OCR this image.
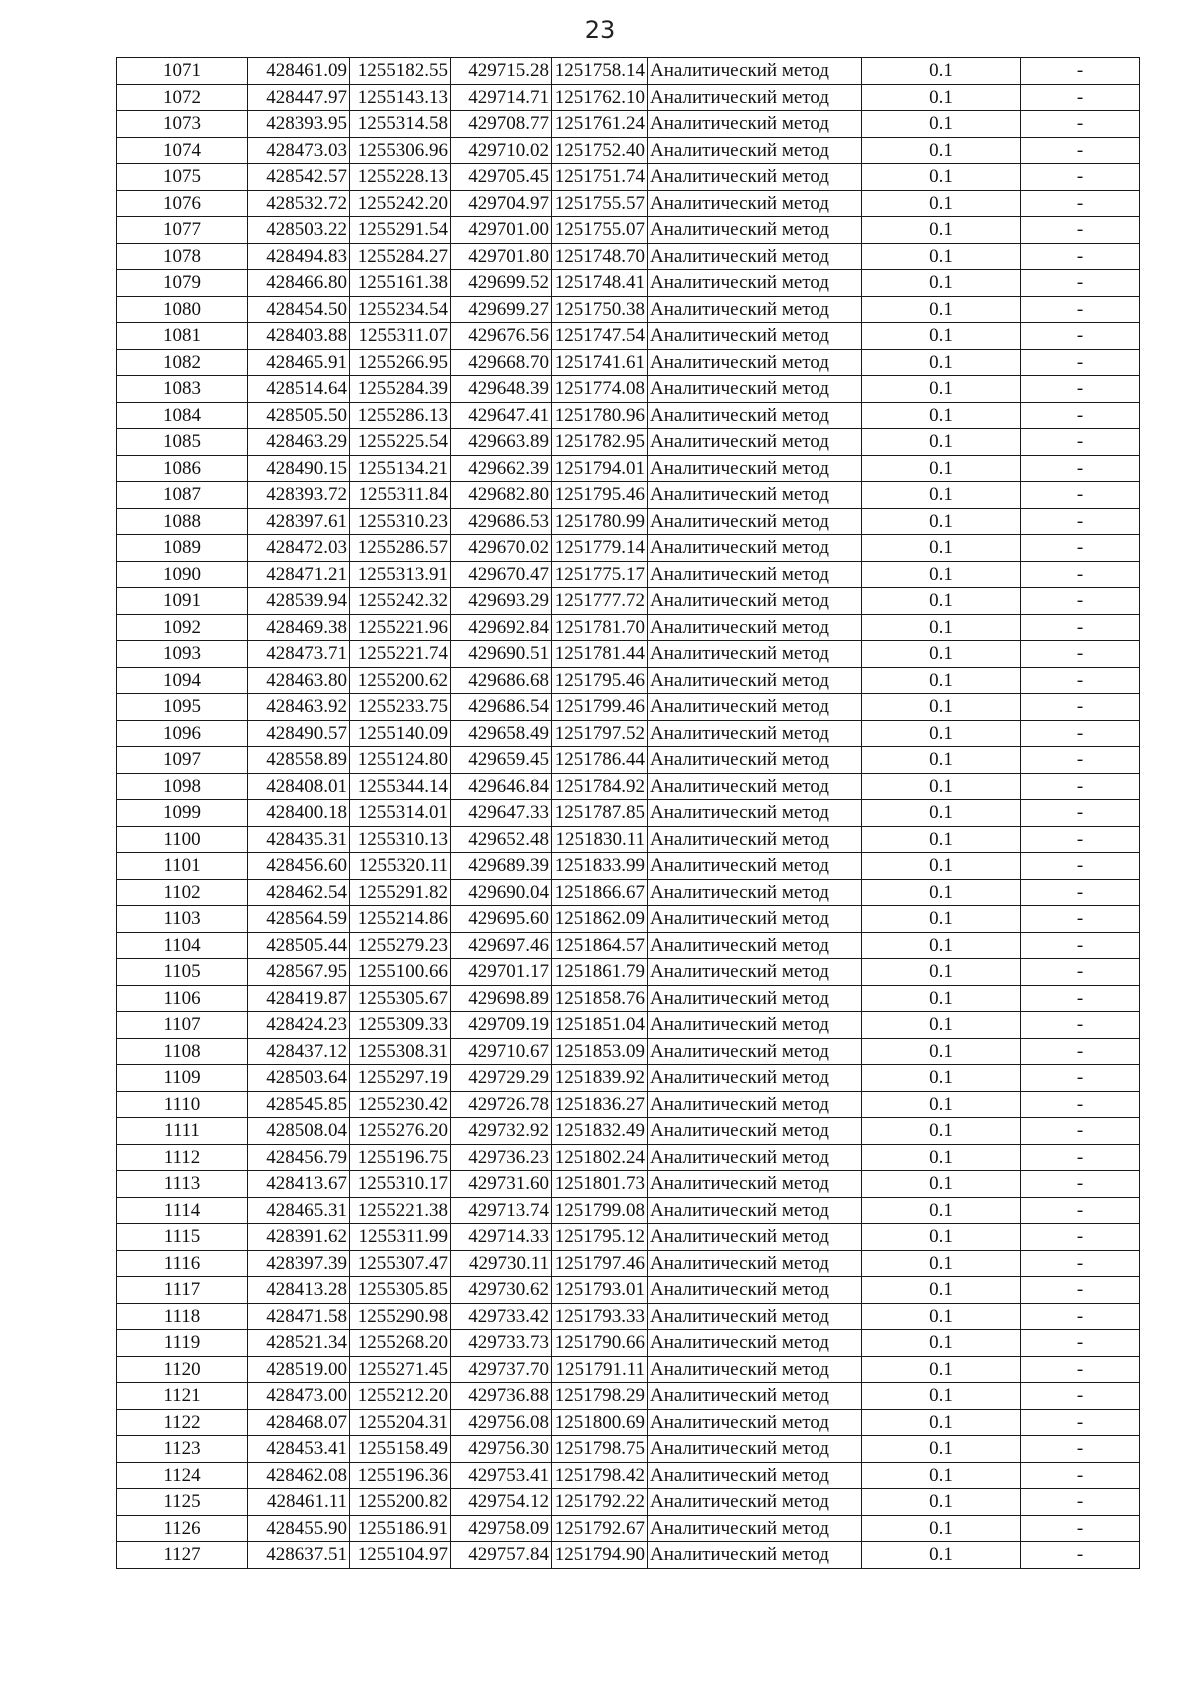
23
1071	428461.09	1255182.55	429715.28	1251758.14	Аналитический метод	0.1	-
1072	428447.97	1255143.13	429714.71	1251762.10	Аналитический метод	0.1	-
1073	428393.95	1255314.58	429708.77	1251761.24	Аналитический метод	0.1	-
1074	428473.03	1255306.96	429710.02	1251752.40	Аналитический метод	0.1	-
1075	428542.57	1255228.13	429705.45	1251751.74	Аналитический метод	0.1	-
1076	428532.72	1255242.20	429704.97	1251755.57	Аналитический метод	0.1	-
1077	428503.22	1255291.54	429701.00	1251755.07	Аналитический метод	0.1	-
1078	428494.83	1255284.27	429701.80	1251748.70	Аналитический метод	0.1	-
1079	428466.80	1255161.38	429699.52	1251748.41	Аналитический метод	0.1	-
1080	428454.50	1255234.54	429699.27	1251750.38	Аналитический метод	0.1	-
1081	428403.88	1255311.07	429676.56	1251747.54	Аналитический метод	0.1	-
1082	428465.91	1255266.95	429668.70	1251741.61	Аналитический метод	0.1	-
1083	428514.64	1255284.39	429648.39	1251774.08	Аналитический метод	0.1	-
1084	428505.50	1255286.13	429647.41	1251780.96	Аналитический метод	0.1	-
1085	428463.29	1255225.54	429663.89	1251782.95	Аналитический метод	0.1	-
1086	428490.15	1255134.21	429662.39	1251794.01	Аналитический метод	0.1	-
1087	428393.72	1255311.84	429682.80	1251795.46	Аналитический метод	0.1	-
1088	428397.61	1255310.23	429686.53	1251780.99	Аналитический метод	0.1	-
1089	428472.03	1255286.57	429670.02	1251779.14	Аналитический метод	0.1	-
1090	428471.21	1255313.91	429670.47	1251775.17	Аналитический метод	0.1	-
1091	428539.94	1255242.32	429693.29	1251777.72	Аналитический метод	0.1	-
1092	428469.38	1255221.96	429692.84	1251781.70	Аналитический метод	0.1	-
1093	428473.71	1255221.74	429690.51	1251781.44	Аналитический метод	0.1	-
1094	428463.80	1255200.62	429686.68	1251795.46	Аналитический метод	0.1	-
1095	428463.92	1255233.75	429686.54	1251799.46	Аналитический метод	0.1	-
1096	428490.57	1255140.09	429658.49	1251797.52	Аналитический метод	0.1	-
1097	428558.89	1255124.80	429659.45	1251786.44	Аналитический метод	0.1	-
1098	428408.01	1255344.14	429646.84	1251784.92	Аналитический метод	0.1	-
1099	428400.18	1255314.01	429647.33	1251787.85	Аналитический метод	0.1	-
1100	428435.31	1255310.13	429652.48	1251830.11	Аналитический метод	0.1	-
1101	428456.60	1255320.11	429689.39	1251833.99	Аналитический метод	0.1	-
1102	428462.54	1255291.82	429690.04	1251866.67	Аналитический метод	0.1	-
1103	428564.59	1255214.86	429695.60	1251862.09	Аналитический метод	0.1	-
1104	428505.44	1255279.23	429697.46	1251864.57	Аналитический метод	0.1	-
1105	428567.95	1255100.66	429701.17	1251861.79	Аналитический метод	0.1	-
1106	428419.87	1255305.67	429698.89	1251858.76	Аналитический метод	0.1	-
1107	428424.23	1255309.33	429709.19	1251851.04	Аналитический метод	0.1	-
1108	428437.12	1255308.31	429710.67	1251853.09	Аналитический метод	0.1	-
1109	428503.64	1255297.19	429729.29	1251839.92	Аналитический метод	0.1	-
1110	428545.85	1255230.42	429726.78	1251836.27	Аналитический метод	0.1	-
1111	428508.04	1255276.20	429732.92	1251832.49	Аналитический метод	0.1	-
1112	428456.79	1255196.75	429736.23	1251802.24	Аналитический метод	0.1	-
1113	428413.67	1255310.17	429731.60	1251801.73	Аналитический метод	0.1	-
1114	428465.31	1255221.38	429713.74	1251799.08	Аналитический метод	0.1	-
1115	428391.62	1255311.99	429714.33	1251795.12	Аналитический метод	0.1	-
1116	428397.39	1255307.47	429730.11	1251797.46	Аналитический метод	0.1	-
1117	428413.28	1255305.85	429730.62	1251793.01	Аналитический метод	0.1	-
1118	428471.58	1255290.98	429733.42	1251793.33	Аналитический метод	0.1	-
1119	428521.34	1255268.20	429733.73	1251790.66	Аналитический метод	0.1	-
1120	428519.00	1255271.45	429737.70	1251791.11	Аналитический метод	0.1	-
1121	428473.00	1255212.20	429736.88	1251798.29	Аналитический метод	0.1	-
1122	428468.07	1255204.31	429756.08	1251800.69	Аналитический метод	0.1	-
1123	428453.41	1255158.49	429756.30	1251798.75	Аналитический метод	0.1	-
1124	428462.08	1255196.36	429753.41	1251798.42	Аналитический метод	0.1	-
1125	428461.11	1255200.82	429754.12	1251792.22	Аналитический метод	0.1	-
1126	428455.90	1255186.91	429758.09	1251792.67	Аналитический метод	0.1	-
1127	428637.51	1255104.97	429757.84	1251794.90	Аналитический метод	0.1	-
